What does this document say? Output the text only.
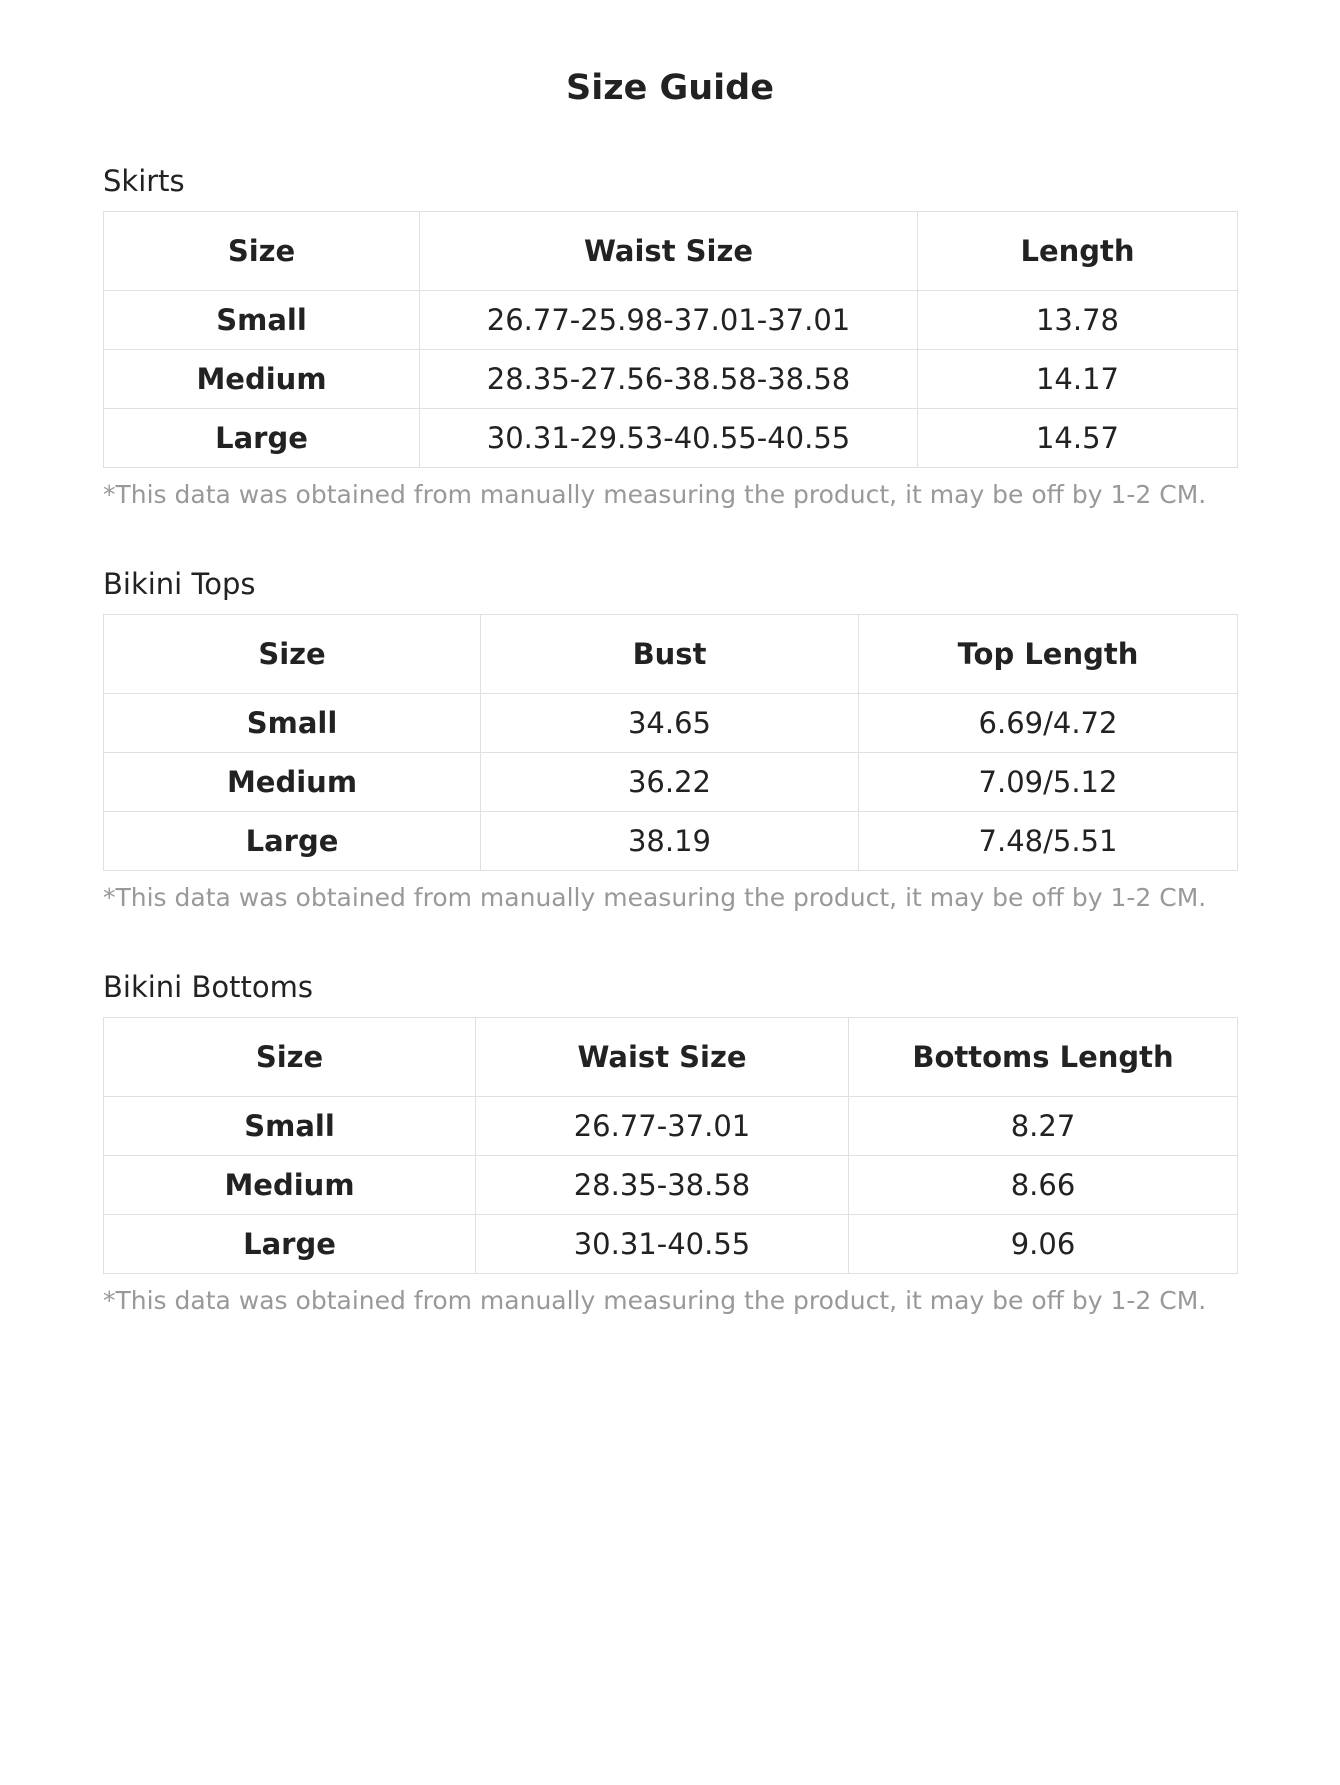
Size Guide
Skirts
Size	Waist Size	Length
Small	26.77-25.98-37.01-37.01	13.78
Medium	28.35-27.56-38.58-38.58	14.17
Large	30.31-29.53-40.55-40.55	14.57

*This data was obtained from manually measuring the product, it may be off by 1-2 CM.

Bikini Tops
Size	Bust	Top Length
Small	34.65	6.69/4.72
Medium	36.22	7.09/5.12
Large	38.19	7.48/5.51

*This data was obtained from manually measuring the product, it may be off by 1-2 CM.

Bikini Bottoms
Size	Waist Size	Bottoms Length
Small	26.77-37.01	8.27
Medium	28.35-38.58	8.66
Large	30.31-40.55	9.06

*This data was obtained from manually measuring the product, it may be off by 1-2 CM.
